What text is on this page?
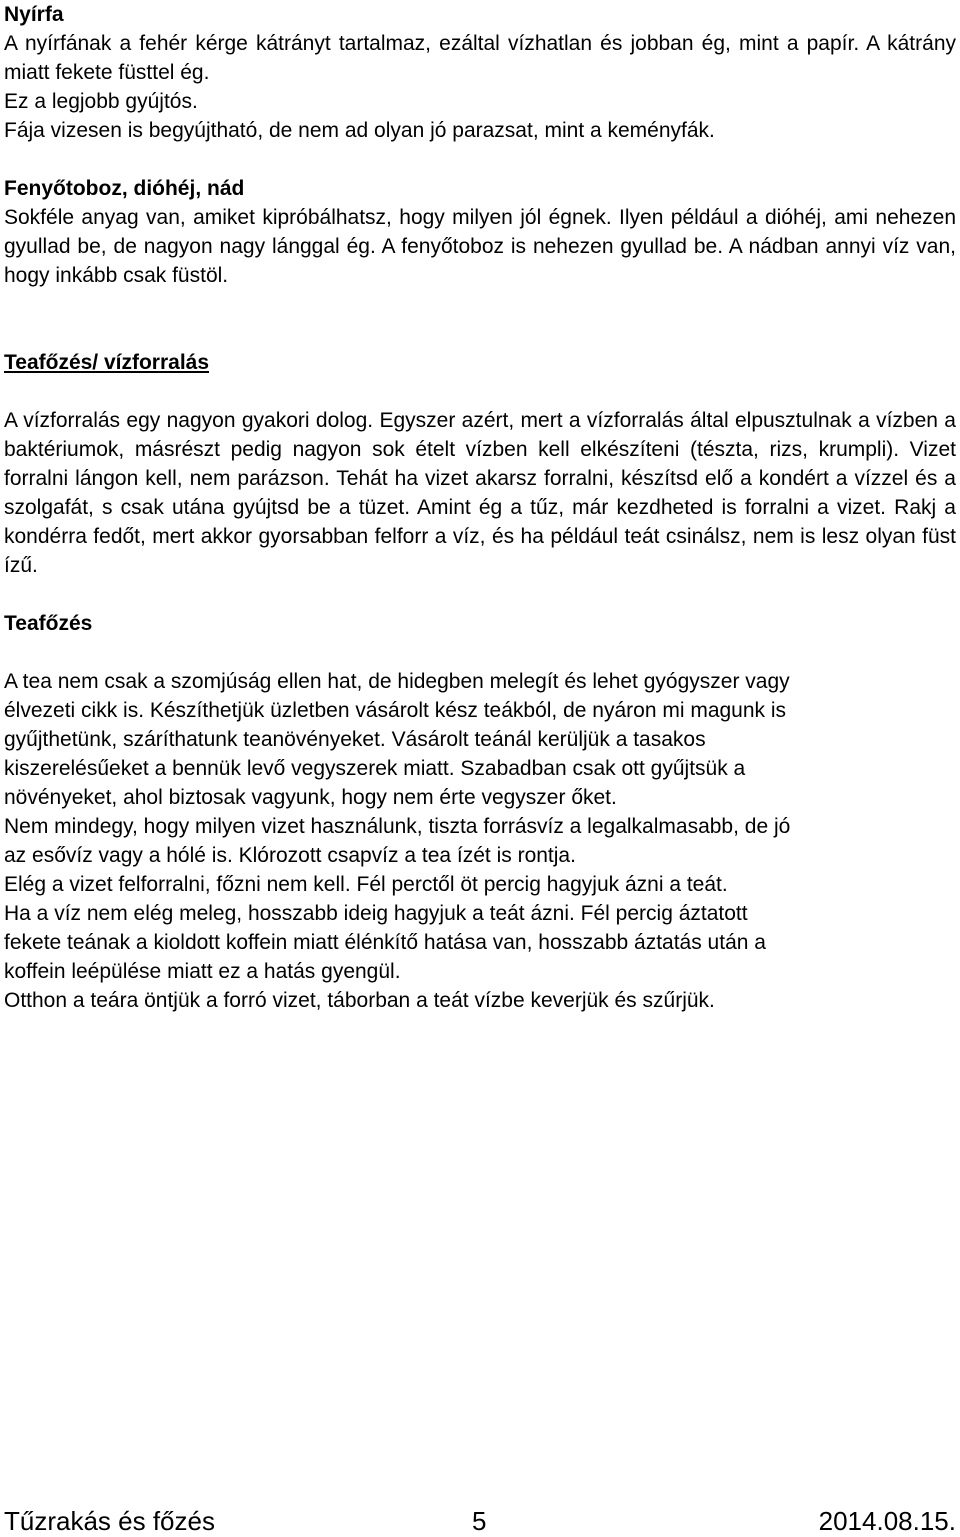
Nyírfa

A nyírfának a fehér kérge kátrányt tartalmaz, ezáltal vízhatlan és jobban ég, mint a papír. A kátrány miatt fekete füsttel ég.

Ez a legjobb gyújtós.

Fája vizesen is begyújtható, de nem ad olyan jó parazsat, mint a keményfák.

Fenyőtoboz, dióhéj, nád

Sokféle anyag van, amiket kipróbálhatsz, hogy milyen jól égnek. Ilyen például a dióhéj, ami nehezen gyullad be, de nagyon nagy lánggal ég. A fenyőtoboz is nehezen gyullad be. A nádban annyi víz van, hogy inkább csak füstöl.

Teafőzés/ vízforralás

A vízforralás egy nagyon gyakori dolog. Egyszer azért, mert a vízforralás által elpusztulnak a vízben a baktériumok, másrészt pedig nagyon sok ételt vízben kell elkészíteni (tészta, rizs, krumpli). Vizet forralni lángon kell, nem parázson. Tehát ha vizet akarsz forralni, készítsd elő a kondért a vízzel és a szolgafát, s csak utána gyújtsd be a tüzet. Amint ég a tűz, már kezdheted is forralni a vizet. Rakj a kondérra fedőt, mert akkor gyorsabban felforr a víz, és ha például teát csinálsz, nem is lesz olyan füst ízű.

Teafőzés

A tea nem csak a szomjúság ellen hat, de hidegben melegít és lehet gyógyszer vagy

élvezeti cikk is. Készíthetjük üzletben vásárolt kész teákból, de nyáron mi magunk is

gyűjthetünk, száríthatunk teanövényeket. Vásárolt teánál kerüljük a tasakos

kiszerelésűeket a bennük levő vegyszerek miatt. Szabadban csak ott gyűjtsük a

növényeket, ahol biztosak vagyunk, hogy nem érte vegyszer őket.

Nem mindegy, hogy milyen vizet használunk, tiszta forrásvíz a legalkalmasabb, de jó

az esővíz vagy a hólé is. Klórozott csapvíz a tea ízét is rontja.

Elég a vizet felforralni, főzni nem kell. Fél perctől öt percig hagyjuk ázni a teát.

Ha a víz nem elég meleg, hosszabb ideig hagyjuk a teát ázni. Fél percig áztatott

fekete teának a kioldott koffein miatt élénkítő hatása van, hosszabb áztatás után a

koffein leépülése miatt ez a hatás gyengül.

Otthon a teára öntjük a forró vizet, táborban a teát vízbe keverjük és szűrjük.

Tűzrakás és főzés	5	2014.08.15.
